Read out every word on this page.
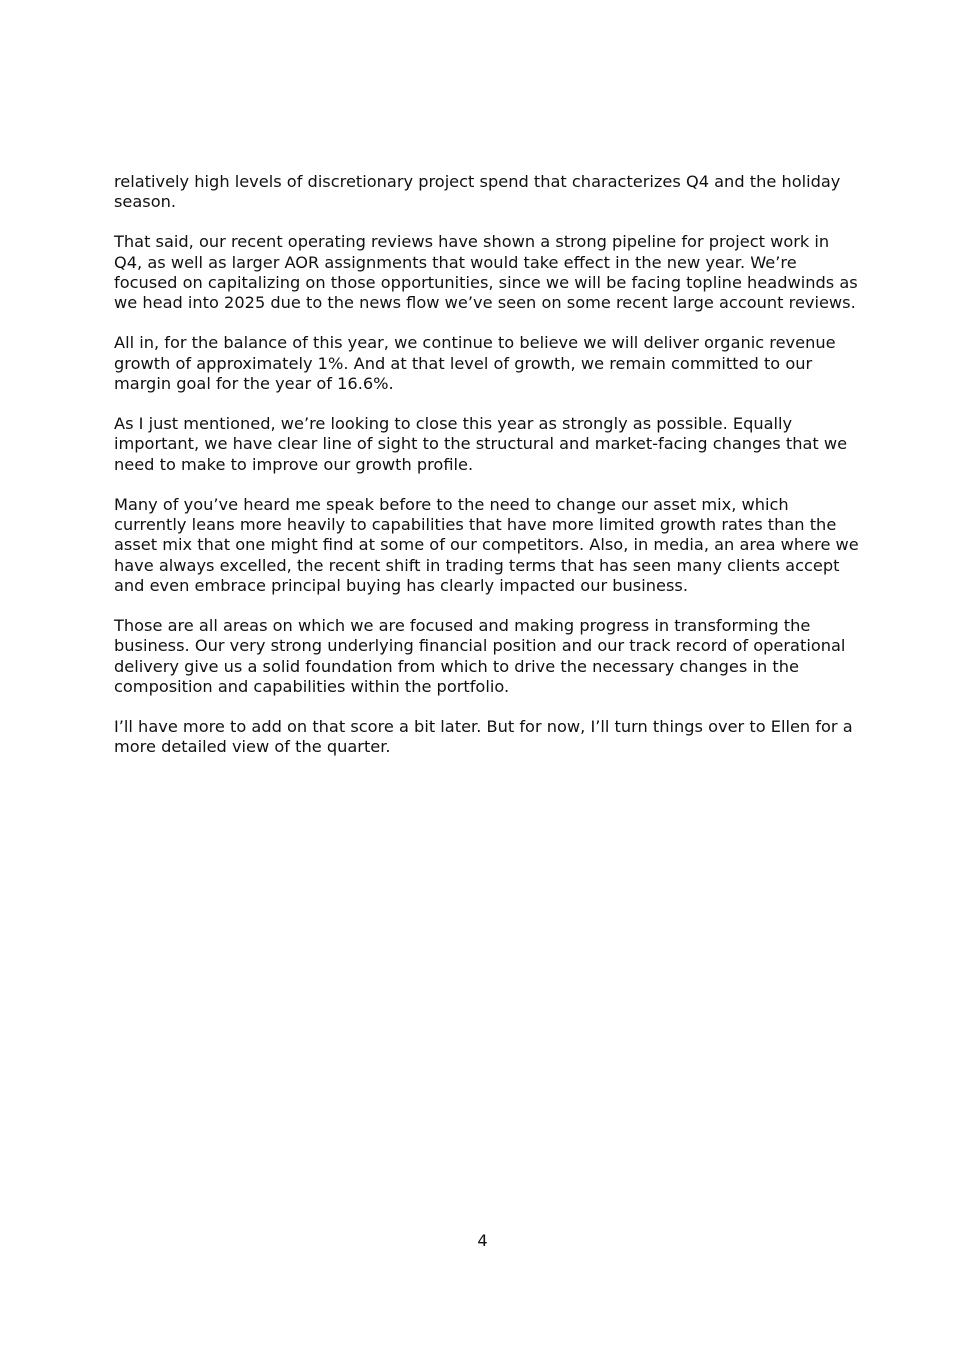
relatively high levels of discretionary project spend that characterizes Q4 and the holiday season.

That said, our recent operating reviews have shown a strong pipeline for project work in Q4, as well as larger AOR assignments that would take effect in the new year. We’re focused on capitalizing on those opportunities, since we will be facing topline headwinds as we head into 2025 due to the news flow we’ve seen on some recent large account reviews.

All in, for the balance of this year, we continue to believe we will deliver organic revenue growth of approximately 1%. And at that level of growth, we remain committed to our margin goal for the year of 16.6%.

As I just mentioned, we’re looking to close this year as strongly as possible. Equally important, we have clear line of sight to the structural and market-facing changes that we need to make to improve our growth profile.

Many of you’ve heard me speak before to the need to change our asset mix, which currently leans more heavily to capabilities that have more limited growth rates than the asset mix that one might find at some of our competitors. Also, in media, an area where we have always excelled, the recent shift in trading terms that has seen many clients accept and even embrace principal buying has clearly impacted our business.

Those are all areas on which we are focused and making progress in transforming the business. Our very strong underlying financial position and our track record of operational delivery give us a solid foundation from which to drive the necessary changes in the composition and capabilities within the portfolio.

I’ll have more to add on that score a bit later. But for now, I’ll turn things over to Ellen for a more detailed view of the quarter.

4
